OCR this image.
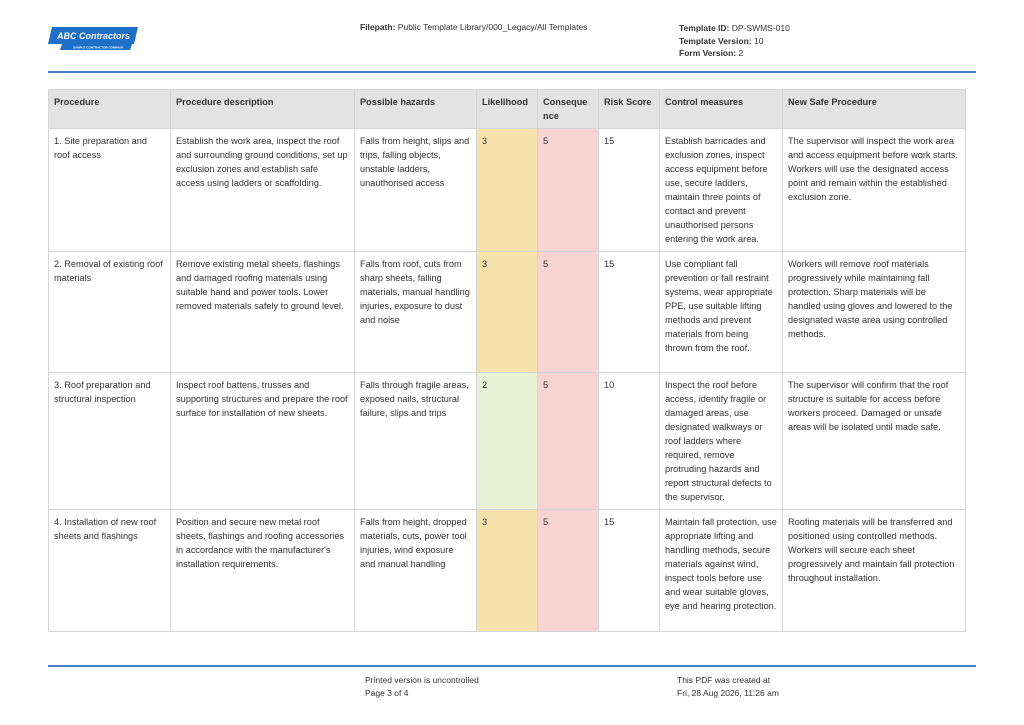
ABC Contractors
SAMPLE CONTRACTOR COMPANY
Filepath: Public Template Library/000_Legacy/All Templates	Template ID: DP-SWMS-010
Template Version: 10
Form Version: 2
Procedure	Procedure description	Possible hazards	Likelihood	Consequence	Risk Score	Control measures	New Safe Procedure
1. Site preparation and roof access	Establish the work area, inspect the roof and surrounding ground conditions, set up exclusion zones and establish safe access using ladders or scaffolding.	Falls from height, slips and trips, falling objects, unstable ladders, unauthorised access	3	5	15	Establish barricades and exclusion zones, inspect access equipment before use, secure ladders, maintain three points of contact and prevent unauthorised persons entering the work area.	The supervisor will inspect the work area and access equipment before work starts. Workers will use the designated access point and remain within the established exclusion zone.
2. Removal of existing roof materials	Remove existing metal sheets, flashings and damaged roofing materials using suitable hand and power tools. Lower removed materials safely to ground level.	Falls from roof, cuts from sharp sheets, falling materials, manual handling injuries, exposure to dust and noise	3	5	15	Use compliant fall prevention or fall restraint systems, wear appropriate PPE, use suitable lifting methods and prevent materials from being thrown from the roof.	Workers will remove roof materials progressively while maintaining fall protection. Sharp materials will be handled using gloves and lowered to the designated waste area using controlled methods.
3. Roof preparation and structural inspection	Inspect roof battens, trusses and supporting structures and prepare the roof surface for installation of new sheets.	Falls through fragile areas, exposed nails, structural failure, slips and trips	2	5	10	Inspect the roof before access, identify fragile or damaged areas, use designated walkways or roof ladders where required, remove protruding hazards and report structural defects to the supervisor.	The supervisor will confirm that the roof structure is suitable for access before workers proceed. Damaged or unsafe areas will be isolated until made safe.
4. Installation of new roof sheets and flashings	Position and secure new metal roof sheets, flashings and roofing accessories in accordance with the manufacturer's installation requirements.	Falls from height, dropped materials, cuts, power tool injuries, wind exposure and manual handling	3	5	15	Maintain fall protection, use appropriate lifting and handling methods, secure materials against wind, inspect tools before use and wear suitable gloves, eye and hearing protection.	Roofing materials will be transferred and positioned using controlled methods. Workers will secure each sheet progressively and maintain fall protection throughout installation.
Printed version is uncontrolled
Page 3 of 4
This PDF was created at
Fri, 28 Aug 2026, 11:26 am
